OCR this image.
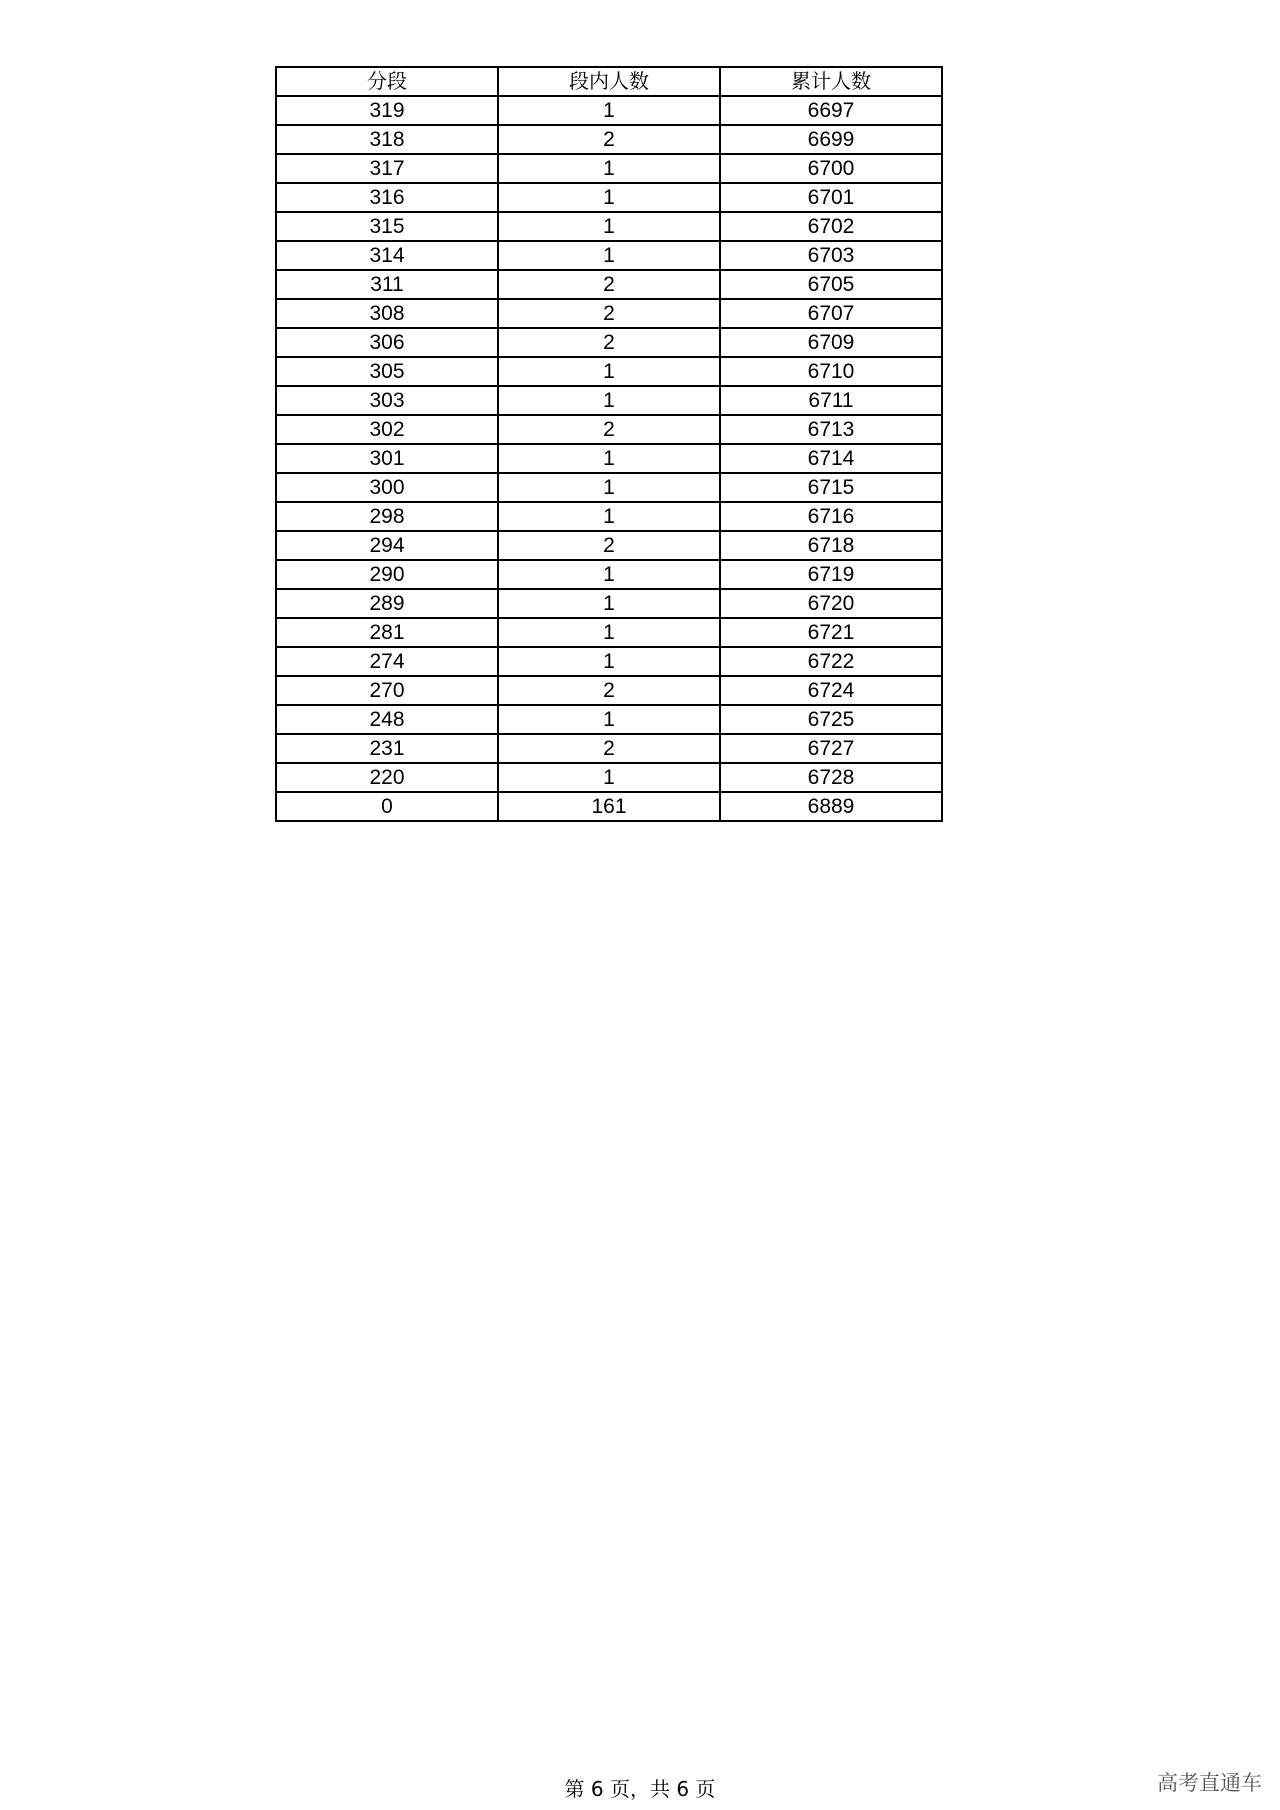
分段	段内人数	累计人数
319	1	6697
318	2	6699
317	1	6700
316	1	6701
315	1	6702
314	1	6703
311	2	6705
308	2	6707
306	2	6709
305	1	6710
303	1	6711
302	2	6713
301	1	6714
300	1	6715
298	1	6716
294	2	6718
290	1	6719
289	1	6720
281	1	6721
274	1	6722
270	2	6724
248	1	6725
231	2	6727
220	1	6728
0	161	6889
第 6 页，共 6 页	高考直通车
